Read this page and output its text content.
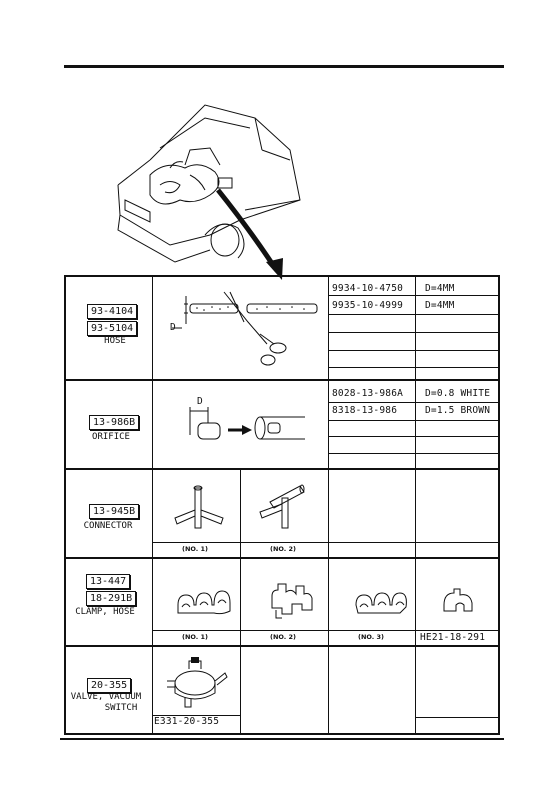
93-4104
93-5104
HOSE
D
9934-10-4750 D=4MM
9935-10-4999 D=4MM
13-986B
ORIFICE
D
8028-13-986A D=0.8 WHITE
8318-13-986	D=1.5 BROWN
13-945B
CONNECTOR
(NO. 1)	(NO. 2)
13-447
18-291B
CLAMP, HOSE
(NO. 1)	(NO. 2)	(NO. 3)	HE21-18-291
20-355
VALVE, VACUUM
SWITCH
E331-20-355
